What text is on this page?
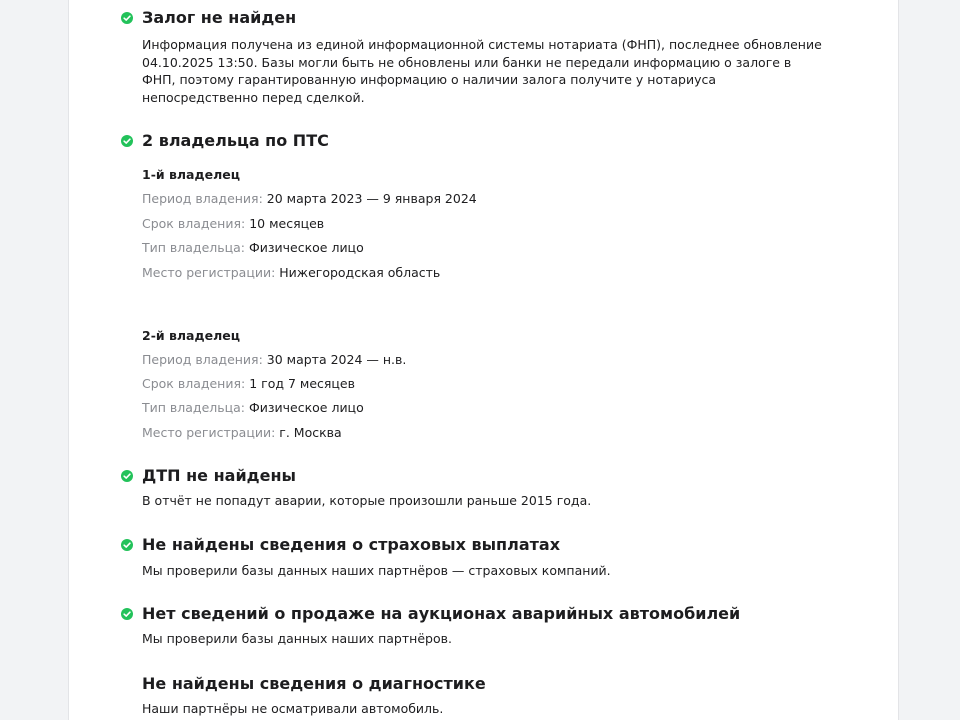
Залог не найден

Информация получена из единой информационной системы нотариата (ФНП), последнее обновление 04.10.2025 13:50. Базы могли быть не обновлены или банки не передали информацию о залоге в ФНП, поэтому гарантированную информацию о наличии залога получите у нотариуса непосредственно перед сделкой.

2 владельца по ПТС

1-й владелец

Период владения: 20 марта 2023 — 9 января 2024

Срок владения: 10 месяцев

Тип владельца: Физическое лицо

Место регистрации: Нижегородская область

2-й владелец

Период владения: 30 марта 2024 — н.в.

Срок владения: 1 год 7 месяцев

Тип владельца: Физическое лицо

Место регистрации: г. Москва

ДТП не найдены

В отчёт не попадут аварии, которые произошли раньше 2015 года.

Не найдены сведения о страховых выплатах

Мы проверили базы данных наших партнёров — страховых компаний.

Нет сведений о продаже на аукционах аварийных автомобилей

Мы проверили базы данных наших партнёров.

Не найдены сведения о диагностике

Наши партнёры не осматривали автомобиль.
